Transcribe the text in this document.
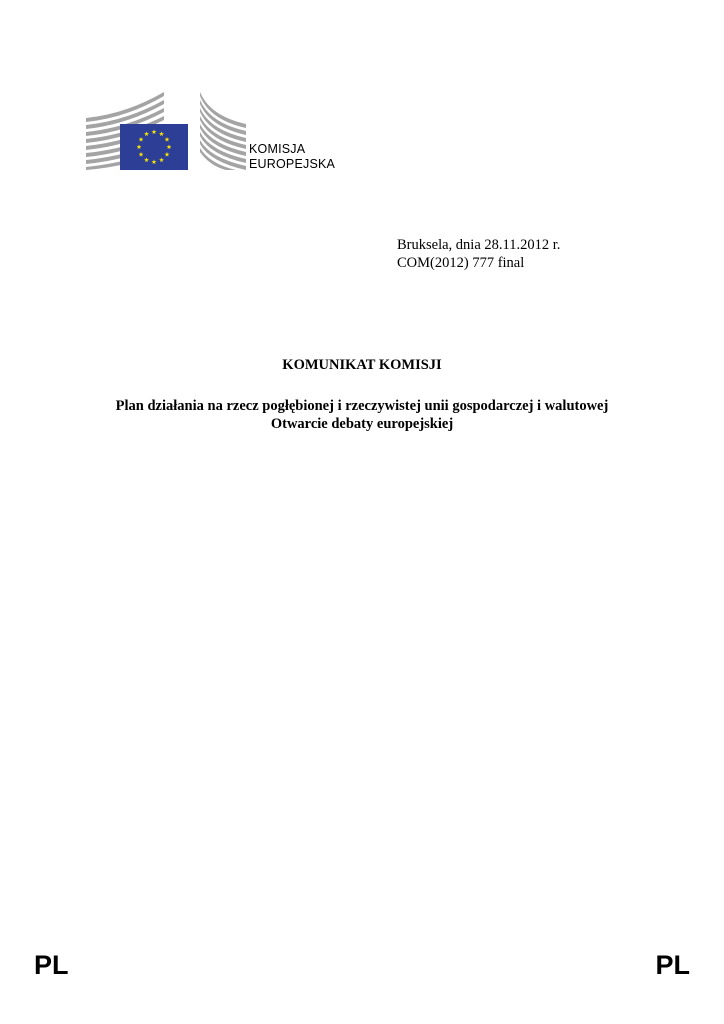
KOMISJA
EUROPEJSKA
Bruksela, dnia 28.11.2012 r.
COM(2012) 777 final
KOMUNIKAT KOMISJI
Plan działania na rzecz pogłębionej i rzeczywistej unii gospodarczej i walutowej
Otwarcie debaty europejskiej
PL	PL
